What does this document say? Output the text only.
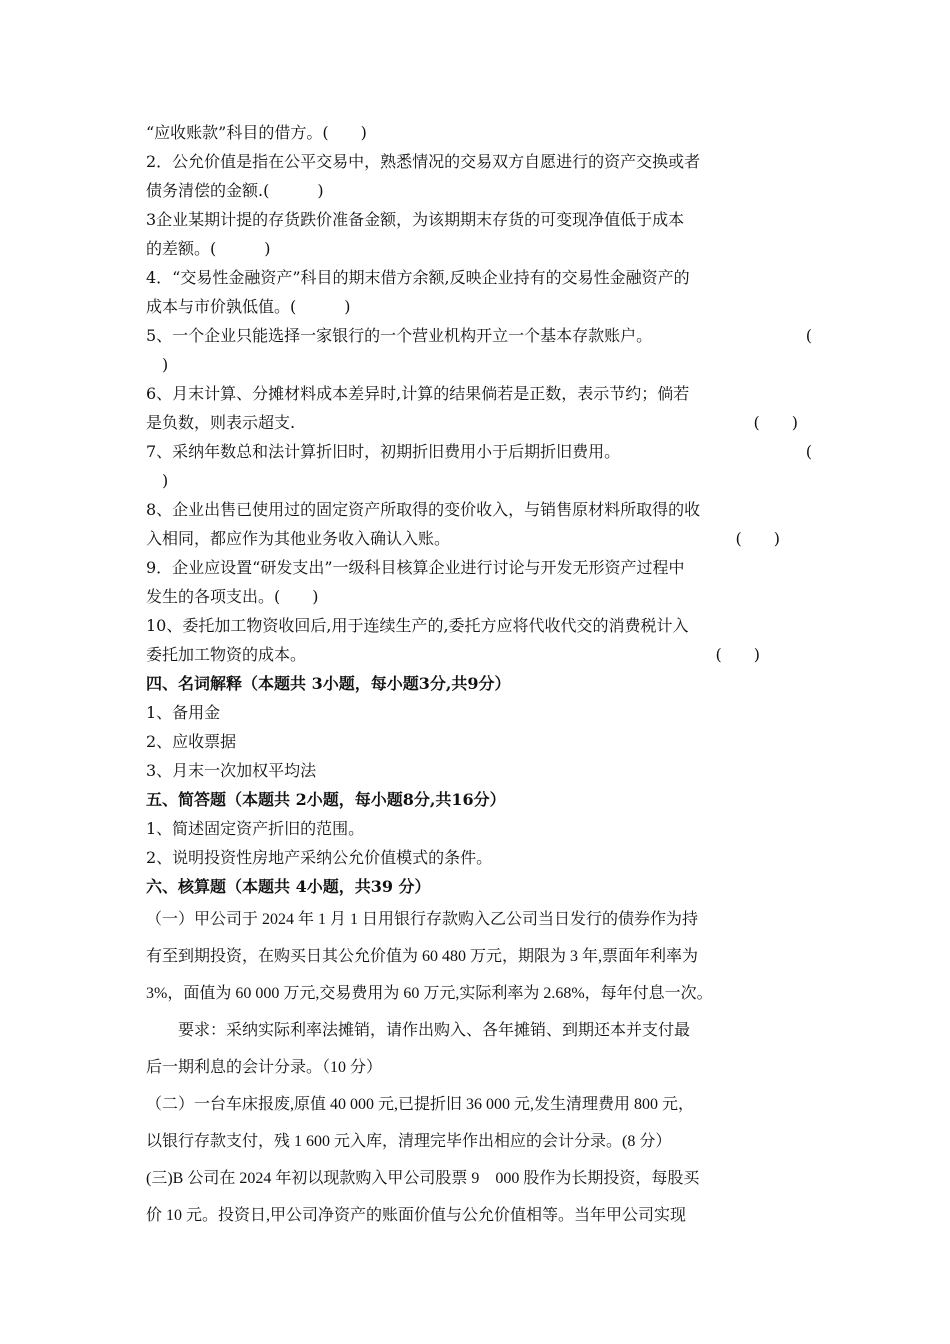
“应收账款”科目的借方。(　　)
2．公允价值是指在公平交易中，熟悉情况的交易双方自愿进行的资产交换或者
债务清偿的金额.(　　　)
3企业某期计提的存货跌价准备金额，为该期期末存货的可变现净值低于成本
的差额。(　　　)
4．“交易性金融资产”科目的期末借方余额,反映企业持有的交易性金融资产的
成本与市价孰低值。(　　　)
5、一个企业只能选择一家银行的一个营业机构开立一个基本存款账户。	(
　)
6、月末计算、分摊材料成本差异时,计算的结果倘若是正数，表示节约；倘若
是负数，则表示超支.	(　　)
7、采纳年数总和法计算折旧时，初期折旧费用小于后期折旧费用。	(
　)
8、企业出售已使用过的固定资产所取得的变价收入，与销售原材料所取得的收
入相同，都应作为其他业务收入确认入账。	(　　)　　
9．企业应设置“研发支出”一级科目核算企业进行讨论与开发无形资产过程中
发生的各项支出。(　　)
10、委托加工物资收回后,用于连续生产的,委托方应将代收代交的消费税计入
委托加工物资的成本。	(　　)　　
四、名词解释（本题共 3小题，每小题3分,共9分）
1、备用金
2、应收票据
3、月末一次加权平均法
五、简答题（本题共 2小题，每小题8分,共16分）
1、简述固定资产折旧的范围。
2、说明投资性房地产采纳公允价值模式的条件。
六、核算题（本题共 4小题，共39 分）
（一）甲公司于 2024 年 1 月 1 日用银行存款购入乙公司当日发行的债券作为持
有至到期投资，在购买日其公允价值为 60 480 万元，期限为 3 年,票面年利率为
3%，面值为 60 000 万元,交易费用为 60 万元,实际利率为 2.68%，每年付息一次。
要求：采纳实际利率法摊销，请作出购入、各年摊销、到期还本并支付最
后一期利息的会计分录。（10 分）
（二）一台车床报废,原值 40 000 元,已提折旧 36 000 元,发生清理费用 800 元，
以银行存款支付，残 1 600 元入库，清理完毕作出相应的会计分录。(8 分）
(三)B 公司在 2024 年初以现款购入甲公司股票 9　000 股作为长期投资，每股买
价 10 元。投资日,甲公司净资产的账面价值与公允价值相等。当年甲公司实现
